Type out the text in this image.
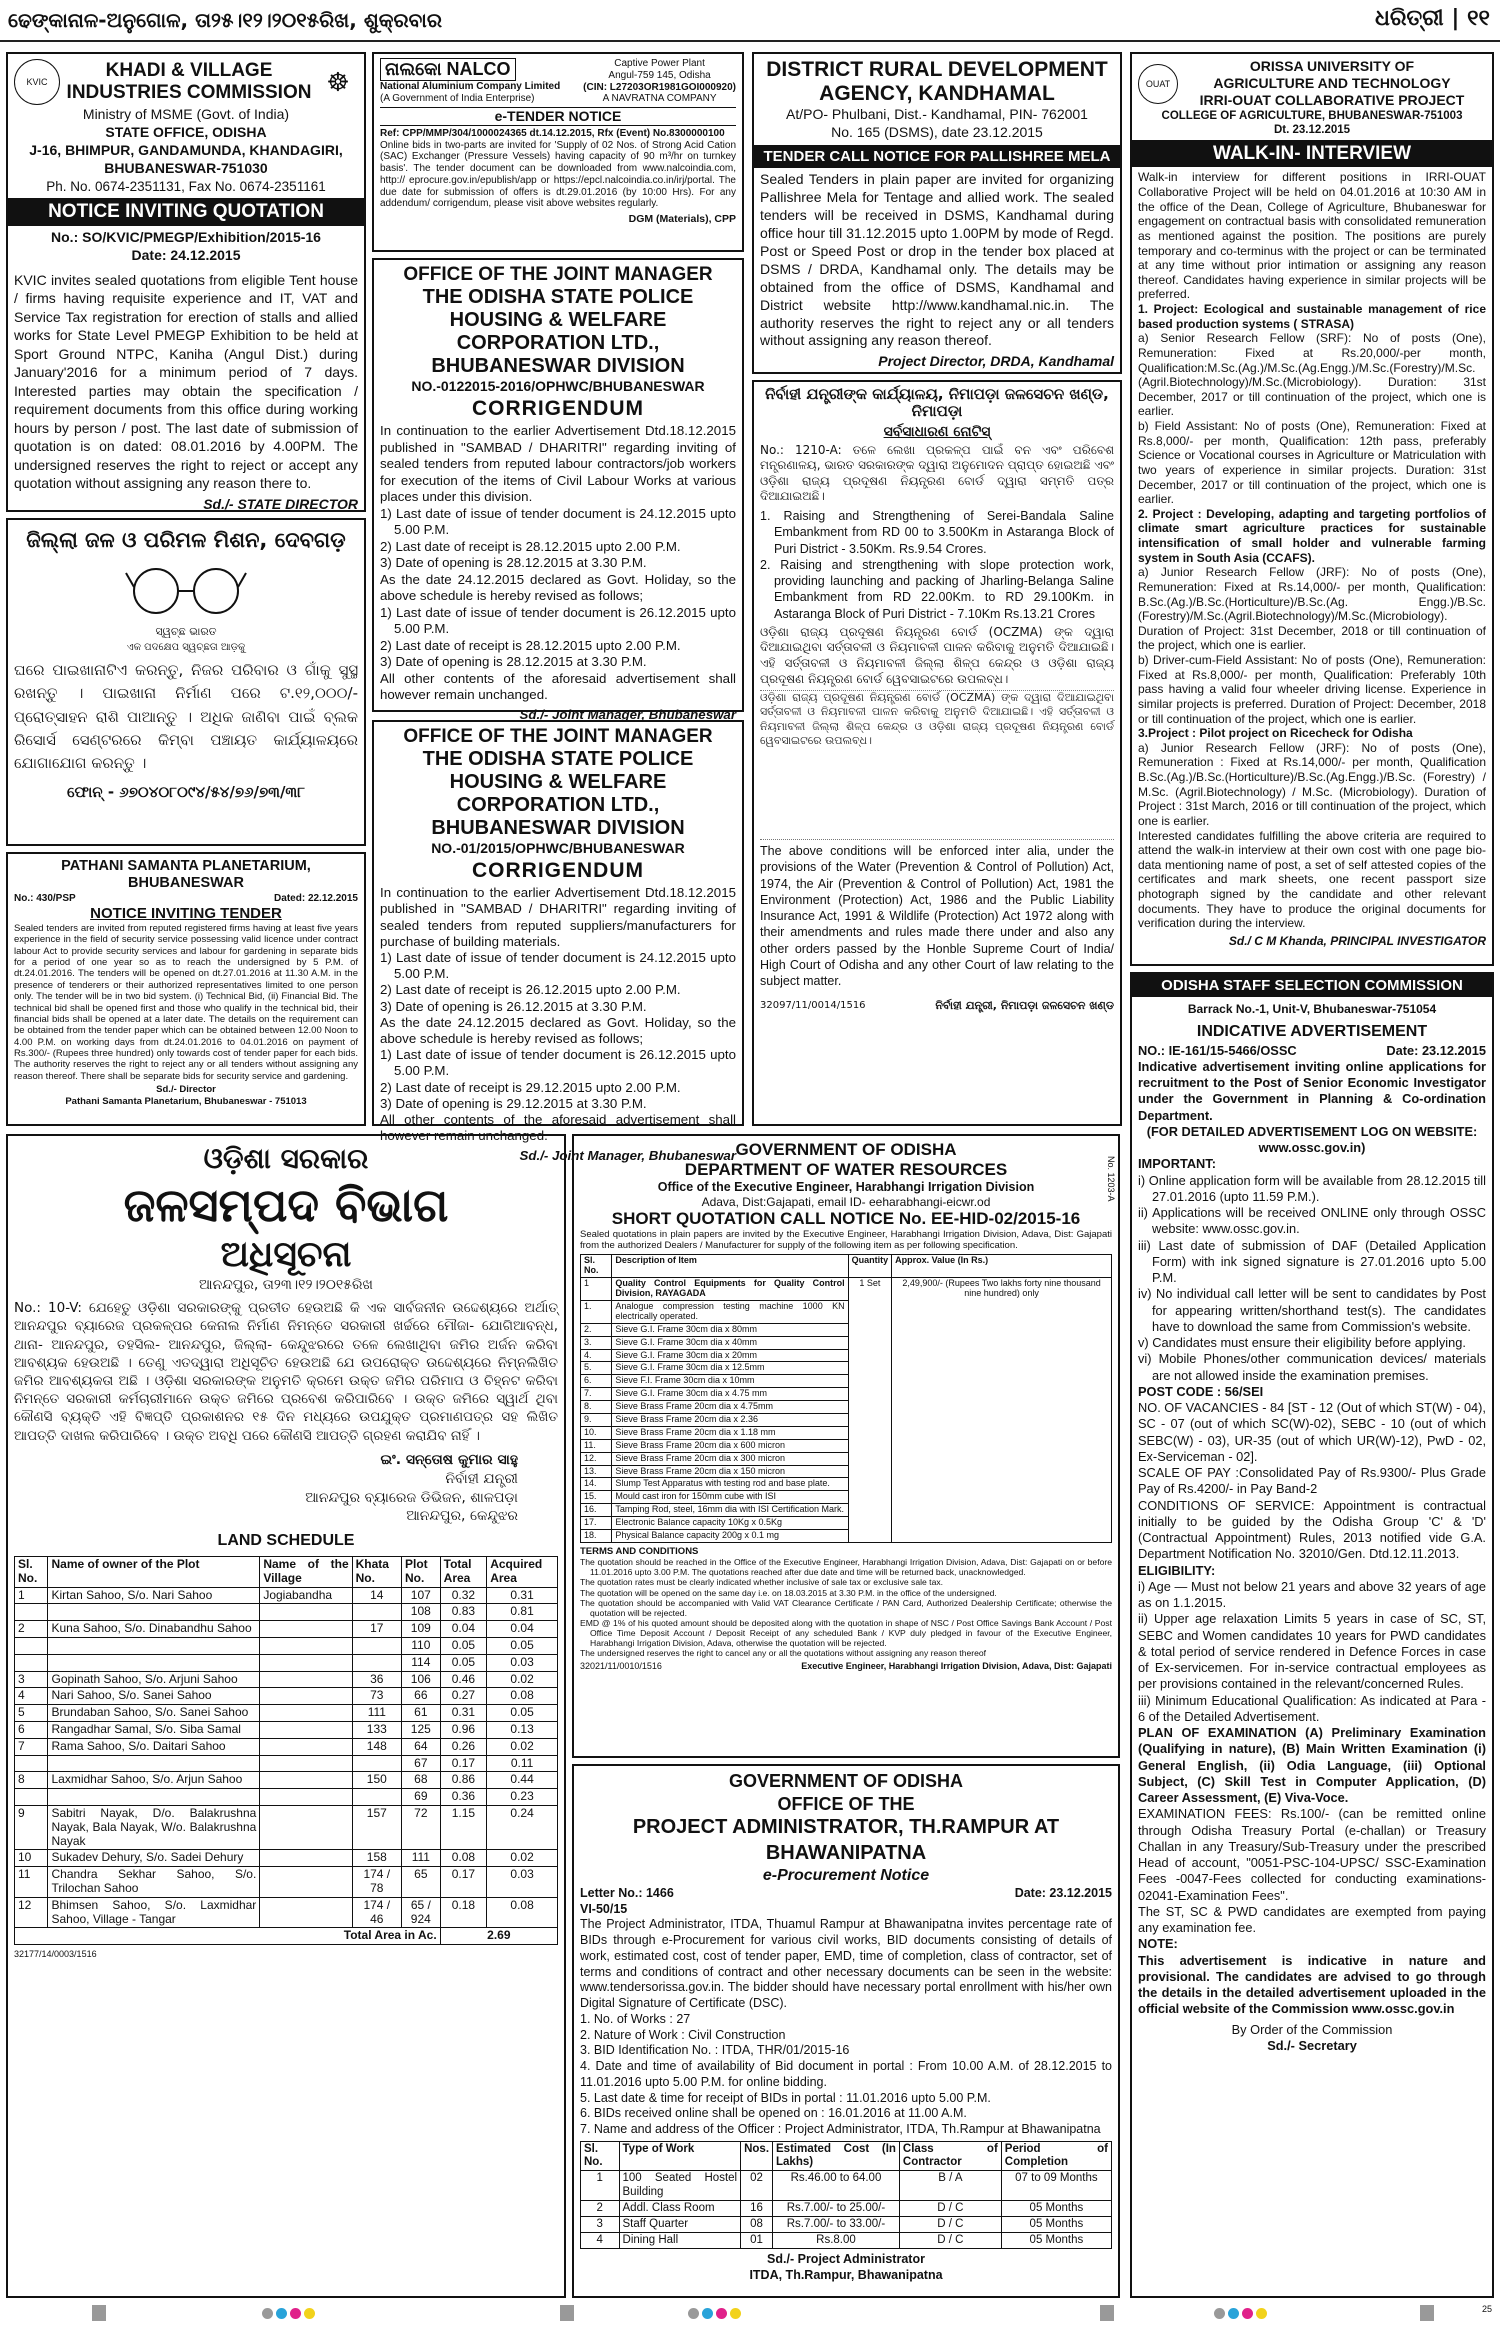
ଢେଙ୍କାନାଳ-ଅନୁଗୋଳ, ତା୨୫।୧୨।୨୦୧୫ରିଖ, ଶୁକ୍ରବାର	ଧରିତ୍ରୀ | ୧୧
KVIC
KHADI & VILLAGE
INDUSTRIES COMMISSION ☸
Ministry of MSME (Govt. of India)
STATE OFFICE, ODISHA
J-16, BHIMPUR, GANDAMUNDA, KHANDAGIRI,
BHUBANESWAR-751030
Ph. No. 0674-2351131, Fax No. 0674-2351161
NOTICE INVITING QUOTATION
No.: SO/KVIC/PMEGP/Exhibition/2015-16
Date: 24.12.2015
KVIC invites sealed quotations from eligible Tent house / firms having requisite experience and IT, VAT and Service Tax registration for erection of stalls and allied works for State Level PMEGP Exhibition to be held at Sport Ground NTPC, Kaniha (Angul Dist.) during January'2016 for a minimum period of 7 days. Interested parties may obtain the specification / requirement documents from this office during working hours by person / post. The last date of submission of quotation is on dated: 08.01.2016 by 4.00PM. The undersigned reserves the right to reject or accept any quotation without assigning any reason there to.
Sd./- STATE DIRECTOR
ନାଲକୋ NALCO
National Aluminium Company Limited
(A Government of India Enterprise)
Captive Power Plant
Angul-759 145, Odisha
(CIN: L27203OR1981GOI000920)
A NAVRATNA COMPANY
e-TENDER NOTICE
Ref: CPP/MMP/304/1000024365 dt.14.12.2015, Rfx (Event) No.8300000100
Online bids in two-parts are invited for 'Supply of 02 Nos. of Strong Acid Cation (SAC) Exchanger (Pressure Vessels) having capacity of 90 m³/hr on turnkey basis'. The tender document can be downloaded from www.nalcoindia.com, http:// eprocure.gov.in/epublish/app or https://epcl.nalcoindia.co.in/irj/portal. The due date for submission of offers is dt.29.01.2016 (by 10:00 Hrs). For any addendum/ corrigendum, please visit above websites regularly.
DGM (Materials), CPP
OFFICE OF THE JOINT MANAGER
THE ODISHA STATE POLICE HOUSING & WELFARE
CORPORATION LTD., BHUBANESWAR DIVISION
NO.-0122015-2016/OPHWC/BHUBANESWAR
CORRIGENDUM
In continuation to the earlier Advertisement Dtd.18.12.2015 published in "SAMBAD / DHARITRI" regarding inviting of sealed tenders from reputed labour contractors/job workers for execution of the items of Civil Labour Works at various places under this division.
1) Last date of issue of tender document is 24.12.2015 upto 5.00 P.M.
2) Last date of receipt is 28.12.2015 upto 2.00 P.M.
3) Date of opening is 28.12.2015 at 3.30 P.M.
As the date 24.12.2015 declared as Govt. Holiday, so the above schedule is hereby revised as follows;
1) Last date of issue of tender document is 26.12.2015 upto 5.00 P.M.
2) Last date of receipt is 28.12.2015 upto 2.00 P.M.
3) Date of opening is 28.12.2015 at 3.30 P.M.
All other contents of the aforesaid advertisement shall however remain unchanged.
Sd./- Joint Manager, Bhubaneswar
OFFICE OF THE JOINT MANAGER
THE ODISHA STATE POLICE HOUSING & WELFARE
CORPORATION LTD., BHUBANESWAR DIVISION
NO.-01/2015/OPHWC/BHUBANESWAR
CORRIGENDUM
In continuation to the earlier Advertisement Dtd.18.12.2015 published in "SAMBAD / DHARITRI" regarding inviting of sealed tenders from reputed suppliers/manufacturers for purchase of building materials.
1) Last date of issue of tender document is 24.12.2015 upto 5.00 P.M.
2) Last date of receipt is 26.12.2015 upto 2.00 P.M.
3) Date of opening is 26.12.2015 at 3.30 P.M.
As the date 24.12.2015 declared as Govt. Holiday, so the above schedule is hereby revised as follows;
1) Last date of issue of tender document is 26.12.2015 upto 5.00 P.M.
2) Last date of receipt is 29.12.2015 upto 2.00 P.M.
3) Date of opening is 29.12.2015 at 3.30 P.M.
All other contents of the aforesaid advertisement shall however remain unchanged.
Sd./- Joint Manager, Bhubaneswar
DISTRICT RURAL DEVELOPMENT
AGENCY, KANDHAMAL
At/PO- Phulbani, Dist.- Kandhamal, PIN- 762001
No. 165 (DSMS), date 23.12.2015
TENDER CALL NOTICE FOR PALLISHREE MELA
Sealed Tenders in plain paper are invited for organizing Pallishree Mela for Tentage and allied work. The sealed tenders will be received in DSMS, Kandhamal during office hour till 31.12.2015 upto 1.00PM by mode of Regd. Post or Speed Post or drop in the tender box placed at DSMS / DRDA, Kandhamal only. The details may be obtained from the office of DSMS, Kandhamal and District website http://www.kandhamal.nic.in. The authority reserves the right to reject any or all tenders without assigning any reason thereof.
Project Director, DRDA, Kandhamal
ନିର୍ବାହୀ ଯନ୍ତ୍ରୀଙ୍କ କାର୍ଯ୍ୟାଳୟ, ନିମାପଡ଼ା ଜଳସେଚନ ଖଣ୍ଡ, ନିମାପଡ଼ା
ସର୍ବସାଧାରଣ ନୋଟିସ୍
No.: 1210-A: ତଳେ ଲେଖା ପ୍ରକଳ୍ପ ପାଇଁ ବନ ଏବଂ ପରିବେଶ ମନ୍ତ୍ରଣାଳୟ, ଭାରତ ସରକାରଙ୍କ ଦ୍ୱାରା ଅନୁମୋଦନ ପ୍ରାପ୍ତ ହୋଇଅଛି ଏବଂ ଓଡ଼ିଶା ରାଜ୍ୟ ପ୍ରଦୂଷଣ ନିୟନ୍ତ୍ରଣ ବୋର୍ଡ ଦ୍ୱାରା ସମ୍ମତି ପତ୍ର ଦିଆଯାଇଅଛି।
1. Raising and Strengthening of Serei-Bandala Saline Embankment from RD 00 to 3.500Km in Astaranga Block of Puri District - 3.50Km. Rs.9.54 Crores.
2. Raising and strengthening with slope protection work, providing launching and packing of Jharling-Belanga Saline Embankment from RD 22.00Km. to RD 29.100Km. in Astaranga Block of Puri District - 7.10Km Rs.13.21 Crores
ଓଡ଼ିଶା ରାଜ୍ୟ ପ୍ରଦୂଷଣ ନିୟନ୍ତ୍ରଣ ବୋର୍ଡ (OCZMA) ଙ୍କ ଦ୍ୱାରା ଦିଆଯାଇଥିବା ସର୍ତ୍ତାବଳୀ ଓ ନିୟମାବଳୀ ପାଳନ କରିବାକୁ ଅନୁମତି ଦିଆଯାଇଛି। ଏହି ସର୍ତ୍ତାବଳୀ ଓ ନିୟମାବଳୀ ଜିଲ୍ଲା ଶିଳ୍ପ କେନ୍ଦ୍ର ଓ ଓଡ଼ିଶା ରାଜ୍ୟ ପ୍ରଦୂଷଣ ନିୟନ୍ତ୍ରଣ ବୋର୍ଡ ୱେବସାଇଟରେ ଉପଲବ୍ଧ।
ଓଡ଼ିଶା ରାଜ୍ୟ ପ୍ରଦୂଷଣ ନିୟନ୍ତ୍ରଣ ବୋର୍ଡ (OCZMA) ଙ୍କ ଦ୍ୱାରା ଦିଆଯାଇଥିବା ସର୍ତ୍ତାବଳୀ ଓ ନିୟମାବଳୀ ପାଳନ କରିବାକୁ ଅନୁମତି ଦିଆଯାଇଛି। ଏହି ସର୍ତ୍ତାବଳୀ ଓ ନିୟମାବଳୀ ଜିଲ୍ଲା ଶିଳ୍ପ କେନ୍ଦ୍ର ଓ ଓଡ଼ିଶା ରାଜ୍ୟ ପ୍ରଦୂଷଣ ନିୟନ୍ତ୍ରଣ ବୋର୍ଡ ୱେବସାଇଟରେ ଉପଲବ୍ଧ।
The above conditions will be enforced inter alia, under the provisions of the Water (Prevention & Control of Pollution) Act, 1974, the Air (Prevention & Control of Pollution) Act, 1981 the Environment (Protection) Act, 1986 and the Public Liability Insurance Act, 1991 & Wildlife (Protection) Act 1972 along with their amendments and rules made there under and also any other orders passed by the Honble Supreme Court of India/ High Court of Odisha and any other Court of law relating to the subject matter.
32097/11/0014/1516	ନିର୍ବାହୀ ଯନ୍ତ୍ରୀ, ନିମାପଡ଼ା ଜଳସେଚନ ଖଣ୍ଡ
OUAT
ORISSA UNIVERSITY OF
AGRICULTURE AND TECHNOLOGY
IRRI-OUAT COLLABORATIVE PROJECT
COLLEGE OF AGRICULTURE, BHUBANESWAR-751003
Dt. 23.12.2015
WALK-IN- INTERVIEW
Walk-in interview for different positions in IRRI-OUAT Collaborative Project will be held on 04.01.2016 at 10:30 AM in the office of the Dean, College of Agriculture, Bhubaneswar for engagement on contractual basis with consolidated remuneration as mentioned against the position. The positions are purely temporary and co-terminus with the project or can be terminated at any time without prior intimation or assigning any reason thereof. Candidates having experience in similar projects will be preferred.
1. Project: Ecological and sustainable management of rice based production systems ( STRASA)
a) Senior Research Fellow (SRF): No of posts (One), Remuneration: Fixed at Rs.20,000/-per month, Qualification:M.Sc.(Ag.)/M.Sc.(Ag.Engg.)/M.Sc.(Forestry)/M.Sc.(Agril.Biotechnology)/M.Sc.(Microbiology). Duration: 31st December, 2017 or till continuation of the project, which one is earlier.
b) Field Assistant: No of posts (One), Remuneration: Fixed at Rs.8,000/- per month, Qualification: 12th pass, preferably Science or Vocational courses in Agriculture or Matriculation with two years of experience in similar projects. Duration: 31st December, 2017 or till continuation of the project, which one is earlier.
2. Project : Developing, adapting and targeting portfolios of climate smart agriculture practices for sustainable intensification of small holder and vulnerable farming system in South Asia (CCAFS).
a) Junior Research Fellow (JRF): No of posts (One), Remuneration: Fixed at Rs.14,000/- per month, Qualification: B.Sc.(Ag.)/B.Sc.(Horticulture)/B.Sc.(Ag. Engg.)/B.Sc.(Forestry)/M.Sc.(Agril.Biotechnology)/M.Sc.(Microbiology). Duration of Project: 31st December, 2018 or till continuation of the project, which one is earlier.
b) Driver-cum-Field Assistant: No of posts (One), Remuneration: Fixed at Rs.8,000/- per month, Qualification: Preferably 10th pass having a valid four wheeler driving license. Experience in similar projects is preferred. Duration of Project: December, 2018 or till continuation of the project, which one is earlier.
3.Project : Pilot project on Ricecheck for Odisha
a) Junior Research Fellow (JRF): No of posts (One), Remuneration : Fixed at Rs.14,000/- per month, Qualification B.Sc.(Ag.)/B.Sc.(Horticulture)/B.Sc.(Ag.Engg.)/B.Sc. (Forestry) / M.Sc. (Agril.Biotechnology) / M.Sc. (Microbiology). Duration of Project : 31st March, 2016 or till continuation of the project, which one is earlier.
Interested candidates fulfilling the above criteria are required to attend the walk-in interview at their own cost with one page bio-data mentioning name of post, a set of self attested copies of the certificates and mark sheets, one recent passport size photograph signed by the candidate and other relevant documents. They have to produce the original documents for verification during the interview.
Sd./ C M Khanda, PRINCIPAL INVESTIGATOR
ଜିଲ୍ଲା ଜଳ ଓ ପରିମଳ ମିଶନ, ଦେବଗଡ଼
ସ୍ୱଚ୍ଛ ଭାରତ
ଏକ ପଦକ୍ଷେପ ସ୍ୱଚ୍ଛତା ଆଡ଼କୁ
ଘରେ ପାଇଖାନାଟିଏ କରନ୍ତୁ, ନିଜର ପରିବାର ଓ ଗାଁକୁ ସୁସ୍ଥ ରଖନ୍ତୁ । ପାଇଖାନା ନିର୍ମାଣ ପରେ ଟ.୧୨,୦୦୦/- ପ୍ରୋତ୍ସାହନ ରାଶି ପାଆନ୍ତୁ । ଅଧିକ ଜାଣିବା ପାଇଁ ବ୍ଲକ ରିସୋର୍ସ ସେଣ୍ଟରରେ କିମ୍ବା ପଞ୍ଚାୟତ କାର୍ଯ୍ୟାଳୟରେ ଯୋଗାଯୋଗ କରନ୍ତୁ ।
ଫୋନ୍ - ୬୭୦୪୦୮୦୯୪/୫୪/୭୬/୭୩/୩୮
PATHANI SAMANTA PLANETARIUM, BHUBANESWAR
No.: 430/PSP	Dated: 22.12.2015
NOTICE INVITING TENDER
Sealed tenders are invited from reputed registered firms having at least five years experience in the field of security service possessing valid licence under contract labour Act to provide security services and labour for gardening in separate bids for a period of one year so as to reach the undersigned by 5 P.M. of dt.24.01.2016. The tenders will be opened on dt.27.01.2016 at 11.30 A.M. in the presence of tenderers or their authorized representatives limited to one person only. The tender will be in two bid system. (i) Technical Bid, (ii) Financial Bid. The technical bid shall be opened first and those who qualify in the technical bid, their financial bids shall be opened at a later date. The details on the requirement can be obtained from the tender paper which can be obtained between 12.00 Noon to 4.00 P.M. on working days from dt.24.01.2016 to 04.01.2016 on payment of Rs.300/- (Rupees three hundred) only towards cost of tender paper for each bids. The authority reserves the right to reject any or all tenders without assigning any reason thereof. There shall be separate bids for security service and gardening.
Sd./- Director
Pathani Samanta Planetarium, Bhubaneswar - 751013
ଓଡ଼ିଶା ସରକାର
ଜଳସମ୍ପଦ ବିଭାଗ
ଅଧିସୂଚନା
ଆନନ୍ଦପୁର, ତା୨୩।୧୨।୨୦୧୫ରିଖ
No.: 10-V: ଯେହେତୁ ଓଡ଼ିଶା ସରକାରଙ୍କୁ ପ୍ରତୀତ ହେଉଅଛି କି ଏକ ସାର୍ବଜନୀନ ଉଦ୍ଦେଶ୍ୟରେ ଅର୍ଥାତ୍ ଆନନ୍ଦପୁର ବ୍ୟାରେଜ ପ୍ରକଳ୍ପର କେନାଲ ନିର୍ମାଣ ନିମନ୍ତେ ସରକାରୀ ଖର୍ଚ୍ଚରେ ମୌଜା- ଯୋଗିଆବନ୍ଧ, ଥାନା- ଆନନ୍ଦପୁର, ତହସିଲ- ଆନନ୍ଦପୁର, ଜିଲ୍ଲା- କେନ୍ଦୁଝରରେ ତଳେ ଲେଖାଥିବା ଜମିର ଅର୍ଜନ କରିବା ଆବଶ୍ୟକ ହେଉଅଛି । ତେଣୁ ଏତଦ୍ୱାରା ଅଧିସୂଚିତ ହେଉଅଛି ଯେ ଉପରୋକ୍ତ ଉଦ୍ଦେଶ୍ୟରେ ନିମ୍ନଲିଖିତ ଜମିର ଆବଶ୍ୟକତା ଅଛି । ଓଡ଼ିଶା ସରକାରଙ୍କ ଅନୁମତି କ୍ରମେ ଉକ୍ତ ଜମିର ପରିମାପ ଓ ଚିହ୍ନଟ କରିବା ନିମନ୍ତେ ସରକାରୀ କର୍ମଚାରୀମାନେ ଉକ୍ତ ଜମିରେ ପ୍ରବେଶ କରିପାରିବେ । ଉକ୍ତ ଜମିରେ ସ୍ୱାର୍ଥ ଥିବା କୌଣସି ବ୍ୟକ୍ତି ଏହି ବିଜ୍ଞପ୍ତି ପ୍ରକାଶନର ୧୫ ଦିନ ମଧ୍ୟରେ ଉପଯୁକ୍ତ ପ୍ରମାଣପତ୍ର ସହ ଲିଖିତ ଆପତ୍ତି ଦାଖଲ କରିପାରିବେ । ଉକ୍ତ ଅବଧି ପରେ କୌଣସି ଆପତ୍ତି ଗ୍ରହଣ କରାଯିବ ନାହିଁ ।
ଇଂ. ସନ୍ତୋଷ କୁମାର ସାହୁ
ନିର୍ବାହୀ ଯନ୍ତ୍ରୀ
ଆନନ୍ଦପୁର ବ୍ୟାରେଜ ଡିଭିଜନ, ଶାଳପଡ଼ା
ଆନନ୍ଦପୁର, କେନ୍ଦୁଝର
LAND SCHEDULE
Sl. No.	Name of owner of the Plot	Name of the Village	Khata No.	Plot No.	Total Area	Acquired Area
1	Kirtan Sahoo, S/o. Nari Sahoo	Jogiabandha	14	107	0.32	0.31
				108	0.83	0.81
2	Kuna Sahoo, S/o. Dinabandhu Sahoo		17	109	0.04	0.04
				110	0.05	0.05
				114	0.05	0.03
3	Gopinath Sahoo, S/o. Arjuni Sahoo		36	106	0.46	0.02
4	Nari Sahoo, S/o. Sanei Sahoo		73	66	0.27	0.08
5	Brundaban Sahoo, S/o. Sanei Sahoo		111	61	0.31	0.05
6	Rangadhar Samal, S/o. Siba Samal		133	125	0.96	0.13
7	Rama Sahoo, S/o. Daitari Sahoo		148	64	0.26	0.02
				67	0.17	0.11
8	Laxmidhar Sahoo, S/o. Arjun Sahoo		150	68	0.86	0.44
				69	0.36	0.23
9	Sabitri Nayak, D/o. Balakrushna Nayak, Bala Nayak, W/o. Balakrushna Nayak		157	72	1.15	0.24
10	Sukadev Dehury, S/o. Sadei Dehury		158	111	0.08	0.02
11	Chandra Sekhar Sahoo, S/o. Trilochan Sahoo		174 / 78	65	0.17	0.03
12	Bhimsen Sahoo, S/o. Laxmidhar Sahoo, Village - Tangar		174 / 46	65 / 924	0.18	0.08
Total Area in Ac.					2.69	
32177/14/0003/1516
GOVERNMENT OF ODISHA
DEPARTMENT OF WATER RESOURCES
Office of the Executive Engineer, Harabhangi Irrigation Division
Adava, Dist:Gajapati, email ID- eeharabhangi-eicwr.od
SHORT QUOTATION CALL NOTICE No. EE-HID-02/2015-16
No. 1203-A
Sealed quotations in plain papers are invited by the Executive Engineer, Harabhangi Irrigation Division, Adava, Dist: Gajapati from the authorized Dealers / Manufacturer for supply of the following item as per following specification.
Sl. No.	Description of Item	Quantity	Approx. Value (In Rs.)
1	Quality Control Equipments for Quality Control Division, RAYAGADA	1 Set	2,49,900/- (Rupees Two lakhs forty nine thousand nine hundred) only
1.	Analogue compression testing machine 1000 KN electrically operated.		
2.	Sieve G.I. Frame 30cm dia x 80mm		
3.	Sieve G.I. Frame 30cm dia x 40mm		
4.	Sieve G.I. Frame 30cm dia x 20mm		
5.	Sieve G.I. Frame 30cm dia x 12.5mm		
6.	Sieve F.I. Frame 30cm dia x 10mm		
7.	Sieve G.I. Frame 30cm dia x 4.75 mm		
8.	Sieve Brass Frame 20cm dia x 4.75mm		
9.	Sieve Brass Frame 20cm dia x 2.36		
10.	Sieve Brass Frame 20cm dia x 1.18 mm		
11.	Sieve Brass Frame 20cm dia x 600 micron		
12.	Sieve Brass Frame 20cm dia x 300 micron		
13.	Sieve Brass Frame 20cm dia x 150 micron		
14.	Slump Test Apparatus with testing rod and base plate.		
15.	Mould cast iron for 150mm cube with ISI		
16.	Tamping Rod, steel, 16mm dia with ISI Certification Mark.		
17.	Electronic Balance capacity 10Kg x 0.5Kg		
18.	Physical Balance capacity 200g x 0.1 mg		
TERMS AND CONDITIONS
The quotation should be reached in the Office of the Executive Engineer, Harabhangi Irrigation Division, Adava, Dist: Gajapati on or before 11.01.2016 upto 3.00 P.M. The quotations reached after due date and time will be returned back, unacknowledged.
The quotation rates must be clearly indicated whether inclusive of sale tax or exclusive sale tax.
The quotation will be opened on the same day i.e. on 18.03.2015 at 3.30 P.M. in the office of the undersigned.
The quotation should be accompanied with Valid VAT Clearance Certificate / PAN Card, Authorized Dealership Certificate; otherwise the quotation will be rejected.
EMD @ 1% of his quoted amount should be deposited along with the quotation in shape of NSC / Post Office Savings Bank Account / Post Office Time Deposit Account / Deposit Receipt of any scheduled Bank / KVP duly pledged in favour of the Executive Engineer, Harabhangi Irrigation Division, Adava, otherwise the quotation will be rejected.
The undersigned reserves the right to cancel any or all the quotations without assigning any reason thereof
32021/11/0010/1516	Executive Engineer, Harabhangi Irrigation Division, Adava, Dist: Gajapati
GOVERNMENT OF ODISHA
OFFICE OF THE
PROJECT ADMINISTRATOR, TH.RAMPUR AT BHAWANIPATNA
e-Procurement Notice
Letter No.: 1466	Date: 23.12.2015
VI-50/15
The Project Administrator, ITDA, Thuamul Rampur at Bhawanipatna invites percentage rate of BIDs through e-Procurement for various civil works, BID documents consisting of details of work, estimated cost, cost of tender paper, EMD, time of completion, class of contractor, set of terms and conditions of contract and other necessary documents can be seen in the website: www.tendersorissa.gov.in. The bidder should have necessary portal enrollment with his/her own Digital Signature of Certificate (DSC).
1. No. of Works : 27
2. Nature of Work : Civil Construction
3. BID Identification No. : ITDA, THR/01/2015-16
4. Date and time of availability of Bid document in portal : From 10.00 A.M. of 28.12.2015 to 11.01.2016 upto 5.00 P.M. for online bidding.
5. Last date & time for receipt of BIDs in portal : 11.01.2016 upto 5.00 P.M.
6. BIDs received online shall be opened on : 16.01.2016 at 11.00 A.M.
7. Name and address of the Officer : Project Administrator, ITDA, Th.Rampur at Bhawanipatna
Sl. No.	Type of Work	Nos.	Estimated Cost (In Lakhs)	Class of Contractor	Period of Completion
1	100 Seated Hostel Building	02	Rs.46.00 to 64.00	B / A	07 to 09 Months
2	Addl. Class Room	16	Rs.7.00/- to 25.00/-	D / C	05 Months
3	Staff Quarter	08	Rs.7.00/- to 33.00/-	D / C	05 Months
4	Dining Hall	01	Rs.8.00	D / C	05 Months
Sd./- Project Administrator
ITDA, Th.Rampur, Bhawanipatna
ODISHA STAFF SELECTION COMMISSION
Barrack No.-1, Unit-V, Bhubaneswar-751054
INDICATIVE ADVERTISEMENT
NO.: IE-161/15-5466/OSSC	Date: 23.12.2015
Indicative advertisement inviting online applications for recruitment to the Post of Senior Economic Investigator under the Government in Planning & Co-ordination Department.
(FOR DETAILED ADVERTISEMENT LOG ON WEBSITE: www.ossc.gov.in)
IMPORTANT:
i) Online application form will be available from 28.12.2015 till 27.01.2016 (upto 11.59 P.M.).
ii) Applications will be received ONLINE only through OSSC website: www.ossc.gov.in.
iii) Last date of submission of DAF (Detailed Application Form) with ink signed signature is 27.01.2016 upto 5.00 P.M.
iv) No individual call letter will be sent to candidates by Post for appearing written/shorthand test(s). The candidates have to download the same from Commission's website.
v) Candidates must ensure their eligibility before applying.
vi) Mobile Phones/other communication devices/ materials are not allowed inside the examination premises.
POST CODE : 56/SEI
NO. OF VACANCIES - 84 [ST - 12 (Out of which ST(W) - 04), SC - 07 (out of which SC(W)-02), SEBC - 10 (out of which SEBC(W) - 03), UR-35 (out of which UR(W)-12), PwD - 02, Ex-Serviceman - 02].
SCALE OF PAY :Consolidated Pay of Rs.9300/- Plus Grade Pay of Rs.4200/- in Pay Band-2
CONDITIONS OF SERVICE: Appointment is contractual initially to be guided by the Odisha Group 'C' & 'D' (Contractual Appointment) Rules, 2013 notified vide G.A. Department Notification No. 32010/Gen. Dtd.12.11.2013.
ELIGIBILITY:
i) Age — Must not below 21 years and above 32 years of age as on 1.1.2015.
ii) Upper age relaxation Limits 5 years in case of SC, ST, SEBC and Women candidates 10 years for PWD candidates & total period of service rendered in Defence Forces in case of Ex-servicemen. For in-service contractual employees as per provisions contained in the relevant/concerned Rules.
iii) Minimum Educational Qualification: As indicated at Para - 6 of the Detailed Advertisement.
PLAN OF EXAMINATION (A) Preliminary Examination (Qualifying in nature), (B) Main Written Examination (i) General English, (ii) Odia Language, (iii) Optional Subject, (C) Skill Test in Computer Application, (D) Career Assessment, (E) Viva-Voce.
EXAMINATION FEES: Rs.100/- (can be remitted online through Odisha Treasury Portal (e-challan) or Treasury Challan in any Treasury/Sub-Treasury under the prescribed Head of account, "0051-PSC-104-UPSC/ SSC-Examination Fees -0047-Fees collected for conducting examinations-02041-Examination Fees".
The ST, SC & PWD candidates are exempted from paying any examination fee.
NOTE:
This advertisement is indicative in nature and provisional. The candidates are advised to go through the details in the detailed advertisement uploaded in the official website of the Commission www.ossc.gov.in
By Order of the Commission
Sd./- Secretary
25
